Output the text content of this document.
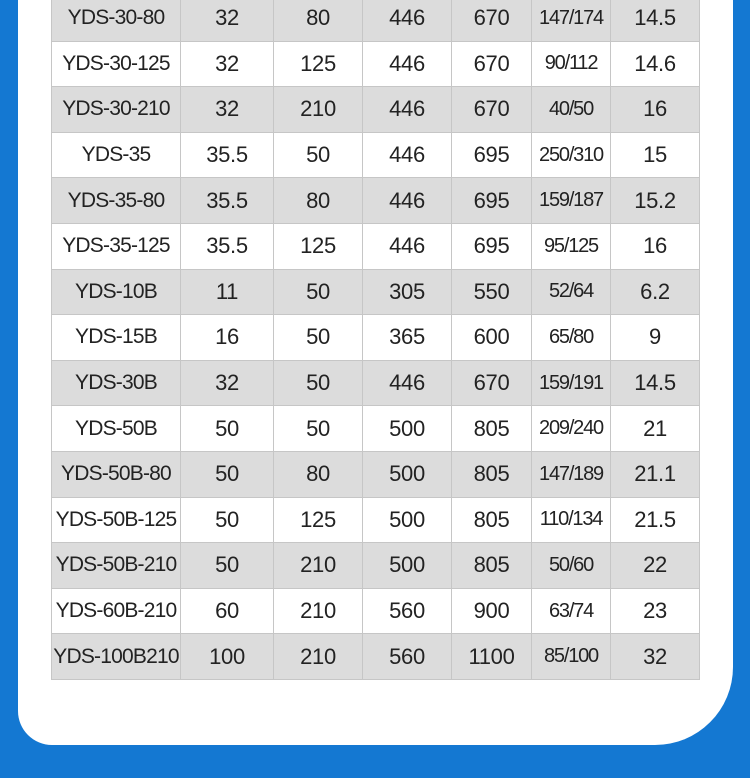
YDS-30-80	32	80	446	670	147/174	14.5
YDS-30-125	32	125	446	670	90/112	14.6
YDS-30-210	32	210	446	670	40/50	16
YDS-35	35.5	50	446	695	250/310	15
YDS-35-80	35.5	80	446	695	159/187	15.2
YDS-35-125	35.5	125	446	695	95/125	16
YDS-10B	11	50	305	550	52/64	6.2
YDS-15B	16	50	365	600	65/80	9
YDS-30B	32	50	446	670	159/191	14.5
YDS-50B	50	50	500	805	209/240	21
YDS-50B-80	50	80	500	805	147/189	21.1
YDS-50B-125	50	125	500	805	110/134	21.5
YDS-50B-210	50	210	500	805	50/60	22
YDS-60B-210	60	210	560	900	63/74	23
YDS-100B210	100	210	560	1100	85/100	32
